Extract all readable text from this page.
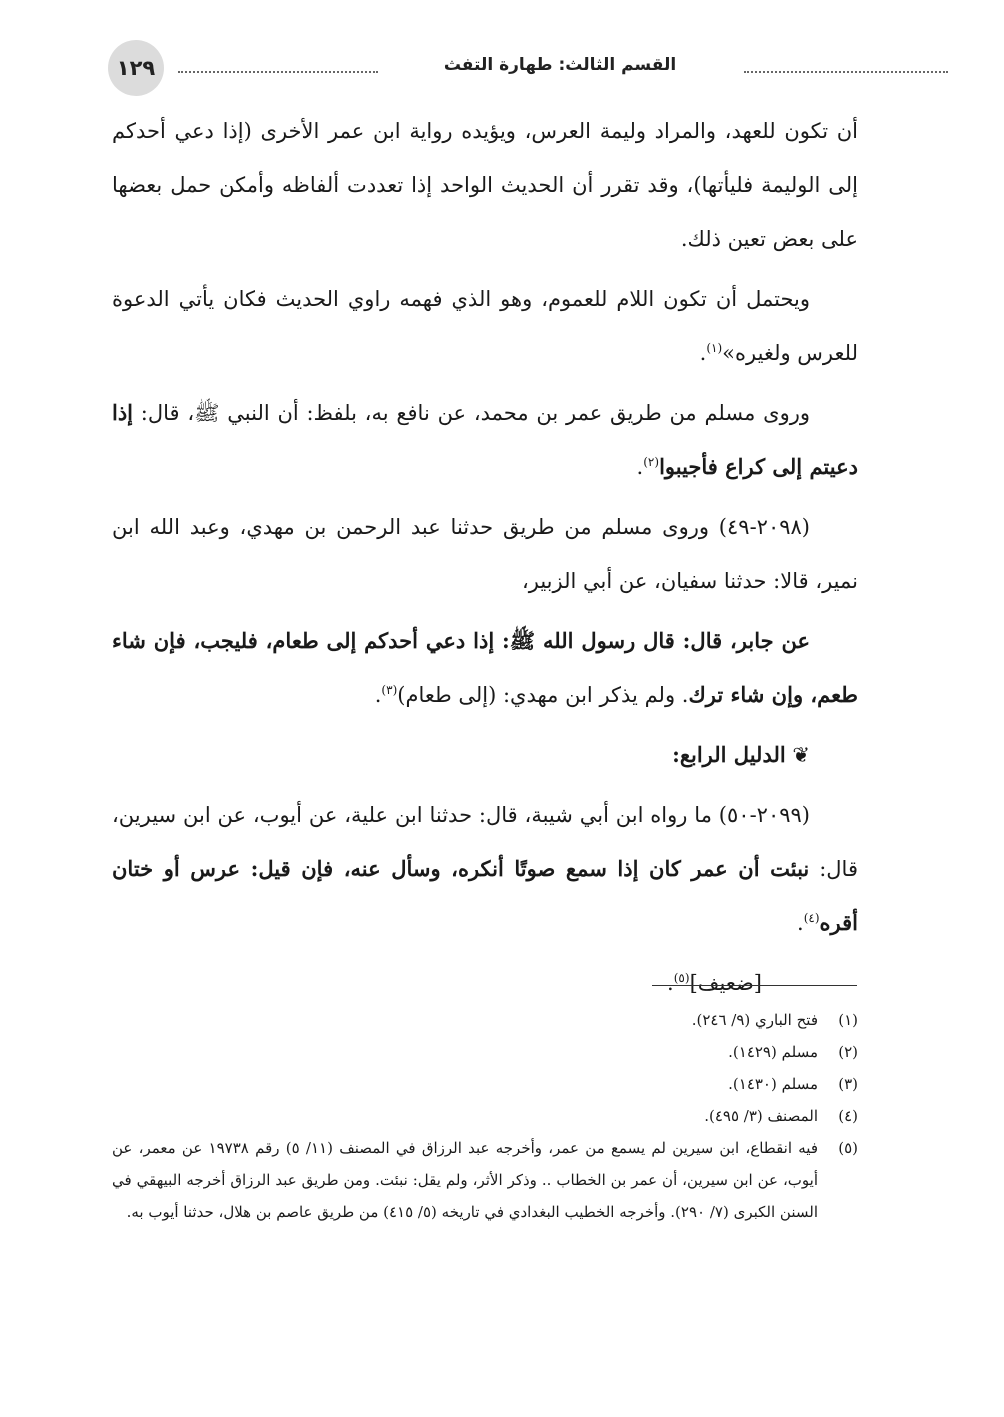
١٢٩	القسم الثالث: طهارة التفث

أن تكون للعهد، والمراد وليمة العرس، ويؤيده رواية ابن عمر الأخرى (إذا دعي أحدكم إلى الوليمة فليأتها)، وقد تقرر أن الحديث الواحد إذا تعددت ألفاظه وأمكن حمل بعضها على بعض تعين ذلك.

ويحتمل أن تكون اللام للعموم، وهو الذي فهمه راوي الحديث فكان يأتي الدعوة للعرس ولغيره»$^{(١)}$.

وروى مسلم من طريق عمر بن محمد، عن نافع به، بلفظ: أن النبي ﷺ، قال: إذا دعيتم إلى كراع فأجيبوا$^{(٢)}$.

(٢٠٩٨-٤٩) وروى مسلم من طريق حدثنا عبد الرحمن بن مهدي، وعبد الله ابن نمير، قالا: حدثنا سفيان، عن أبي الزبير،

عن جابر، قال: قال رسول الله ﷺ: إذا دعي أحدكم إلى طعام، فليجب، فإن شاء طعم، وإن شاء ترك. ولم يذكر ابن مهدي: (إلى طعام)$^{(٣)}$.

❦ الدليل الرابع:

(٢٠٩٩-٥٠) ما رواه ابن أبي شيبة، قال: حدثنا ابن علية، عن أيوب، عن ابن سيرين، قال: نبئت أن عمر كان إذا سمع صوتًا أنكره، وسأل عنه، فإن قيل: عرس أو ختان أقره$^{(٤)}$.

[ضعيف]$^{(٥)}$.

(١)
فتح الباري (٩/ ٢٤٦).
(٢)
مسلم (١٤٢٩).
(٣)
مسلم (١٤٣٠).
(٤)
المصنف (٣/ ٤٩٥).
(٥)
فيه انقطاع، ابن سيرين لم يسمع من عمر، وأخرجه عبد الرزاق في المصنف (١١/ ٥) رقم ١٩٧٣٨ عن معمر، عن أيوب، عن ابن سيرين، أن عمر بن الخطاب .. وذكر الأثر، ولم يقل: نبئت. ومن طريق عبد الرزاق أخرجه البيهقي في السنن الكبرى (٧/ ٢٩٠). وأخرجه الخطيب البغدادي في تاريخه (٥/ ٤١٥) من طريق عاصم بن هلال، حدثنا أيوب به.
